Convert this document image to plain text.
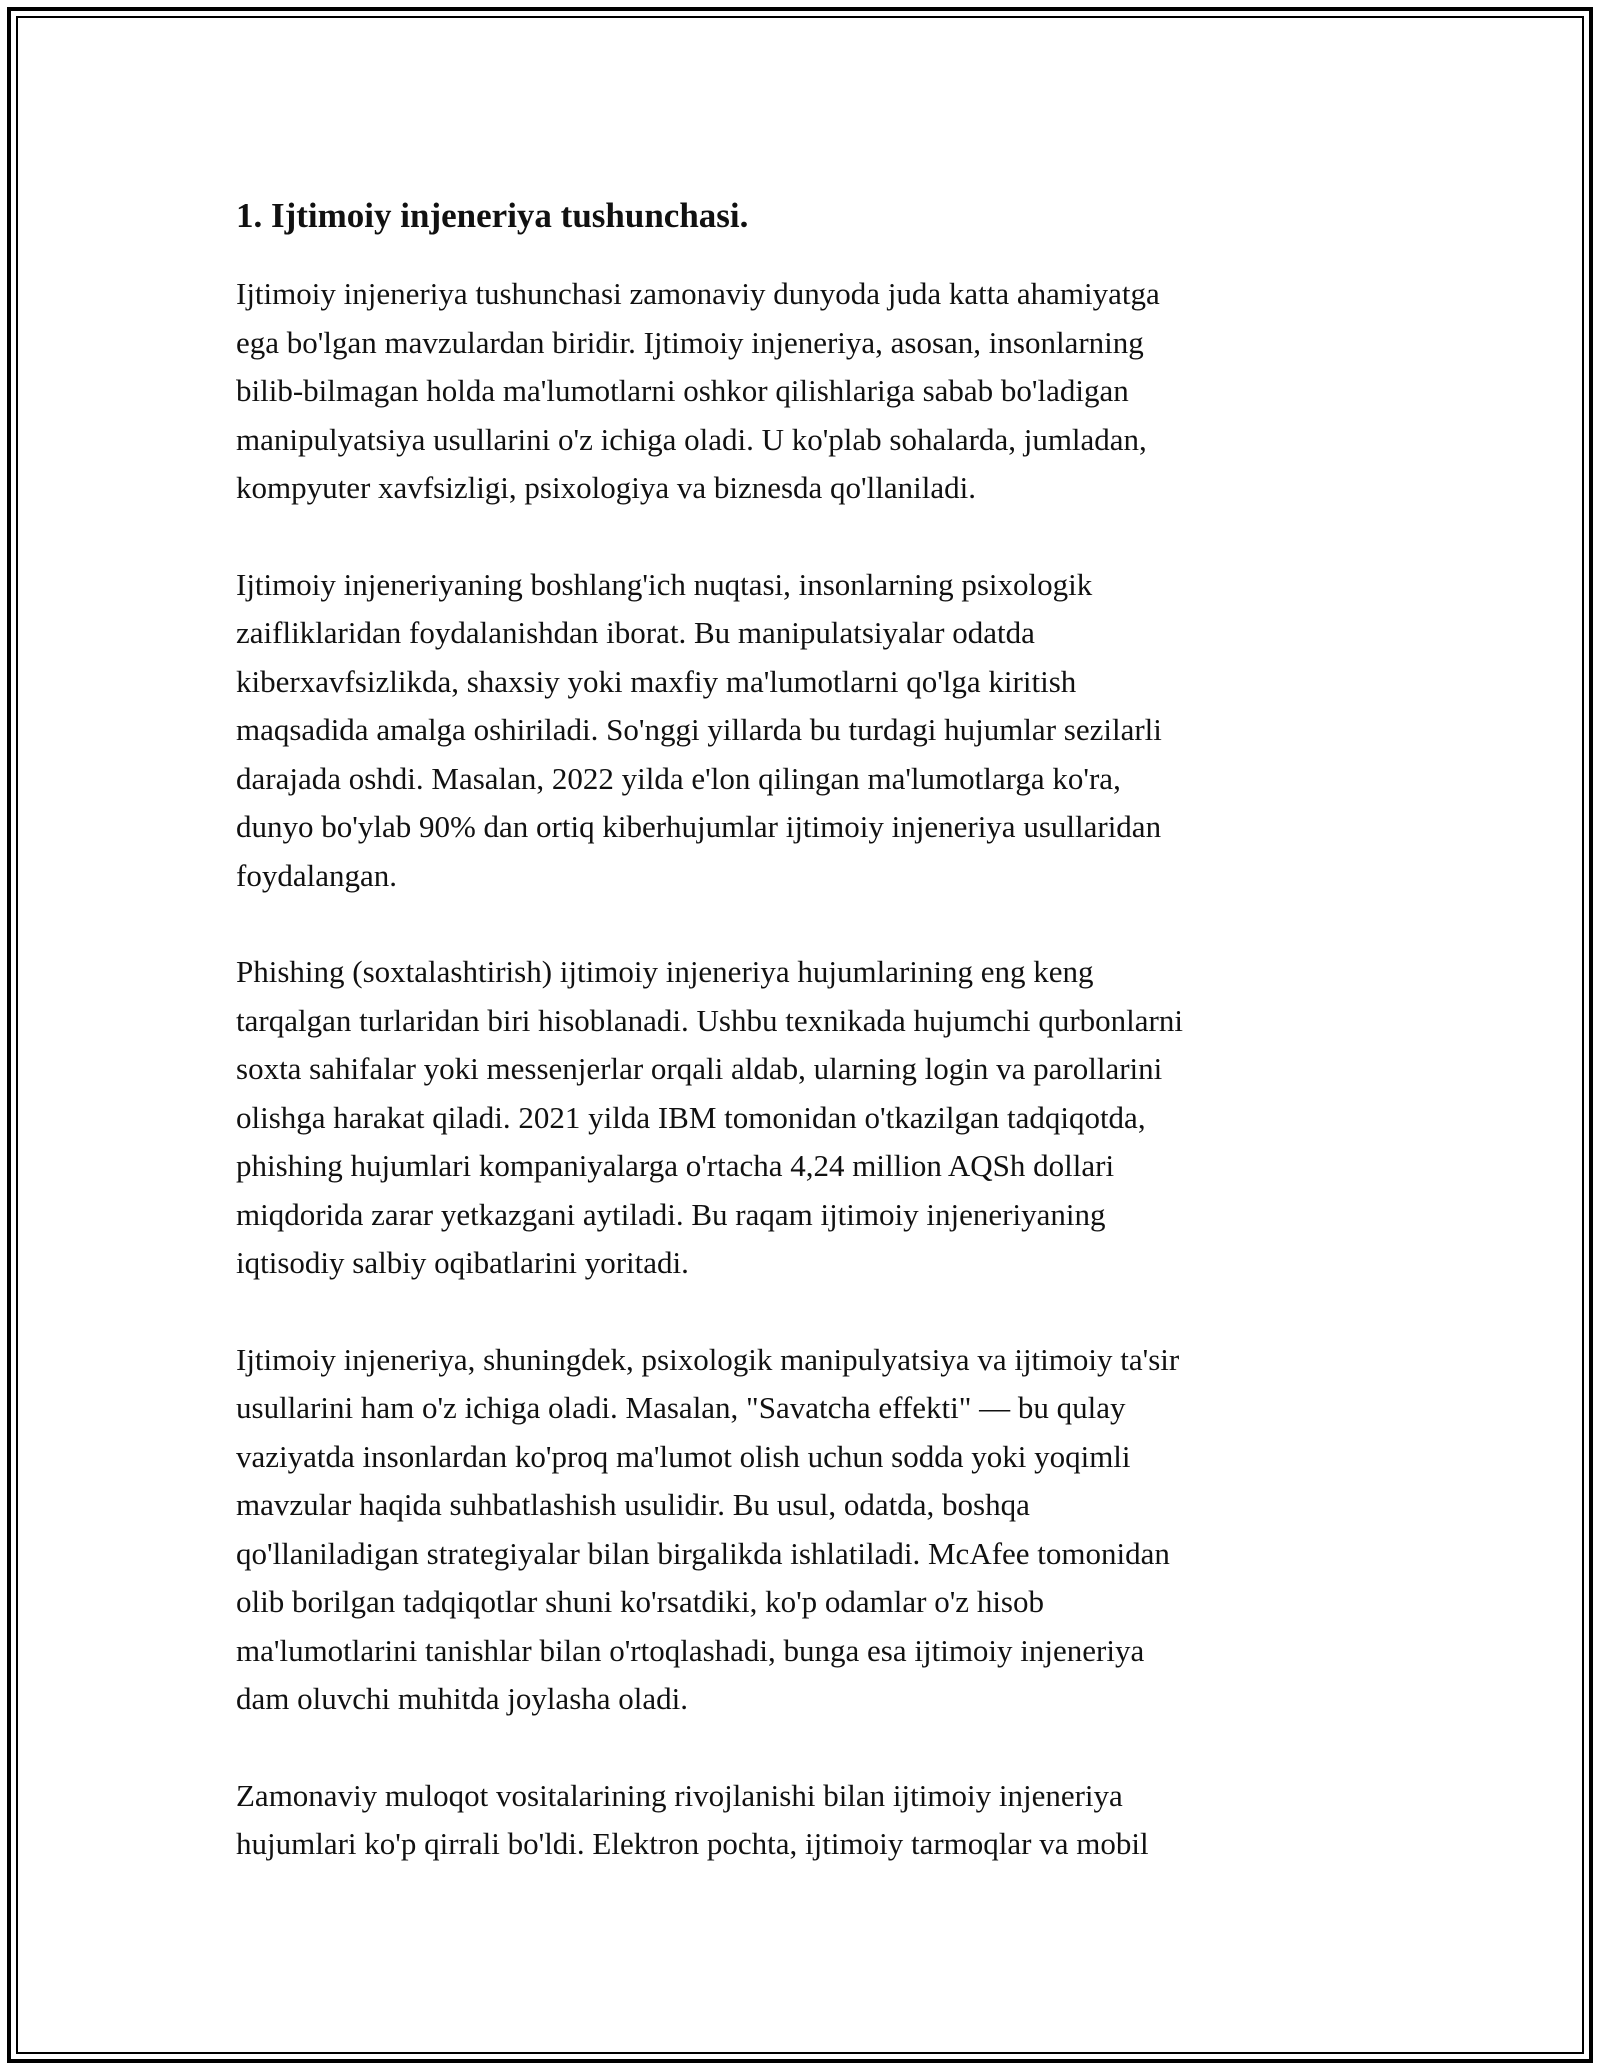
1. Ijtimoiy injeneriya tushunchasi.
Ijtimoiy injeneriya tushunchasi zamonaviy dunyoda juda katta ahamiyatga
ega bo'lgan mavzulardan biridir. Ijtimoiy injeneriya, asosan, insonlarning
bilib-bilmagan holda ma'lumotlarni oshkor qilishlariga sabab bo'ladigan
manipulyatsiya usullarini o'z ichiga oladi. U ko'plab sohalarda, jumladan,
kompyuter xavfsizligi, psixologiya va biznesda qo'llaniladi.
Ijtimoiy injeneriyaning boshlang'ich nuqtasi, insonlarning psixologik
zaifliklaridan foydalanishdan iborat. Bu manipulatsiyalar odatda
kiberxavfsizlikda, shaxsiy yoki maxfiy ma'lumotlarni qo'lga kiritish
maqsadida amalga oshiriladi. So'nggi yillarda bu turdagi hujumlar sezilarli
darajada oshdi. Masalan, 2022 yilda e'lon qilingan ma'lumotlarga ko'ra,
dunyo bo'ylab 90% dan ortiq kiberhujumlar ijtimoiy injeneriya usullaridan
foydalangan.
Phishing (soxtalashtirish) ijtimoiy injeneriya hujumlarining eng keng
tarqalgan turlaridan biri hisoblanadi. Ushbu texnikada hujumchi qurbonlarni
soxta sahifalar yoki messenjerlar orqali aldab, ularning login va parollarini
olishga harakat qiladi. 2021 yilda IBM tomonidan o'tkazilgan tadqiqotda,
phishing hujumlari kompaniyalarga o'rtacha 4,24 million AQSh dollari
miqdorida zarar yetkazgani aytiladi. Bu raqam ijtimoiy injeneriyaning
iqtisodiy salbiy oqibatlarini yoritadi.
Ijtimoiy injeneriya, shuningdek, psixologik manipulyatsiya va ijtimoiy ta'sir
usullarini ham o'z ichiga oladi. Masalan, "Savatcha effekti" — bu qulay
vaziyatda insonlardan ko'proq ma'lumot olish uchun sodda yoki yoqimli
mavzular haqida suhbatlashish usulidir. Bu usul, odatda, boshqa
qo'llaniladigan strategiyalar bilan birgalikda ishlatiladi. McAfee tomonidan
olib borilgan tadqiqotlar shuni ko'rsatdiki, ko'p odamlar o'z hisob
ma'lumotlarini tanishlar bilan o'rtoqlashadi, bunga esa ijtimoiy injeneriya
dam oluvchi muhitda joylasha oladi.
Zamonaviy muloqot vositalarining rivojlanishi bilan ijtimoiy injeneriya
hujumlari ko'p qirrali bo'ldi. Elektron pochta, ijtimoiy tarmoqlar va mobil
